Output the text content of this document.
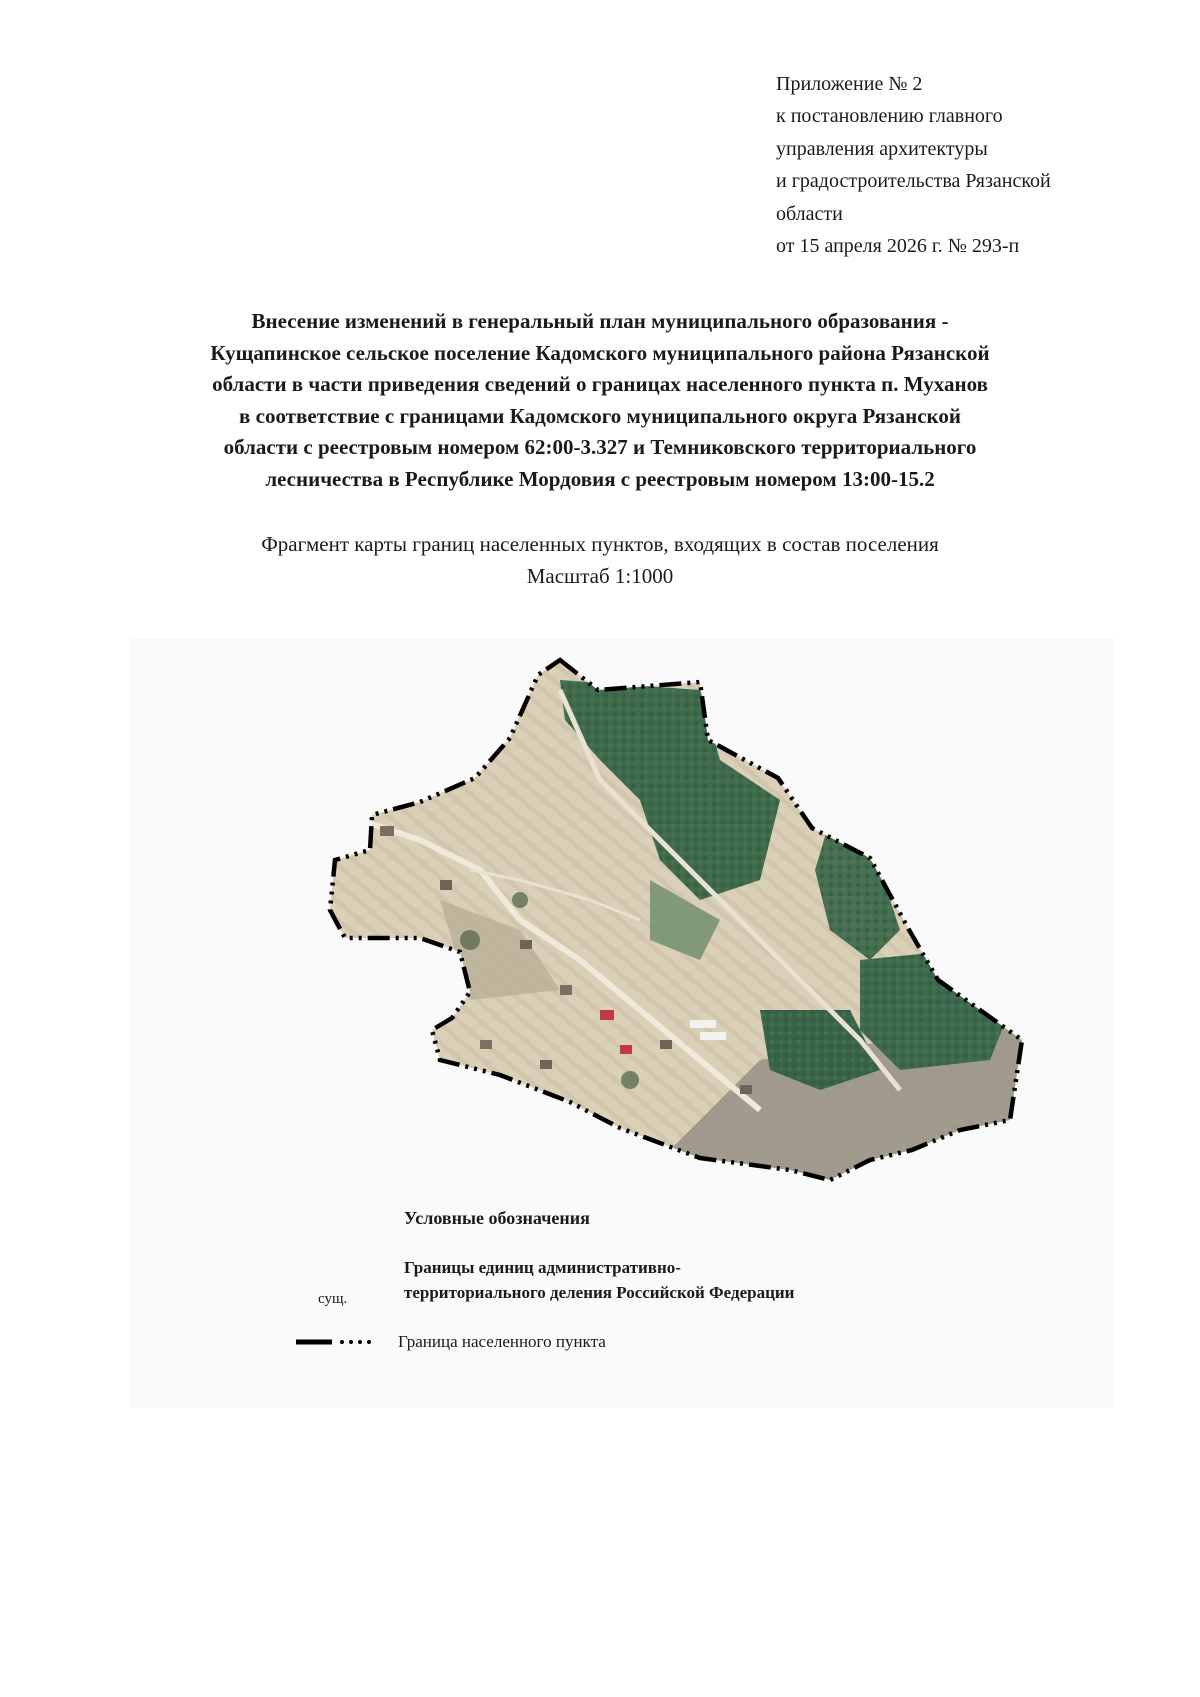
Приложение № 2
к постановлению главного
управления архитектуры
и градостроительства Рязанской
области
от 15 апреля 2026 г. № 293-п
Внесение изменений в генеральный план муниципального образования -
Кущапинское сельское поселение Кадомского муниципального района Рязанской
области в части приведения сведений о границах населенного пункта п. Муханов
в соответствие с границами Кадомского муниципального округа Рязанской
области с реестровым номером 62:00-3.327 и Темниковского территориального
лесничества в Республике Мордовия с реестровым номером 13:00-15.2
Фрагмент карты границ населенных пунктов, входящих в состав поселения
Масштаб 1:1000
Условные обозначения
Границы единиц административно-
территориального деления Российской Федерации
сущ.
Граница населенного пункта
